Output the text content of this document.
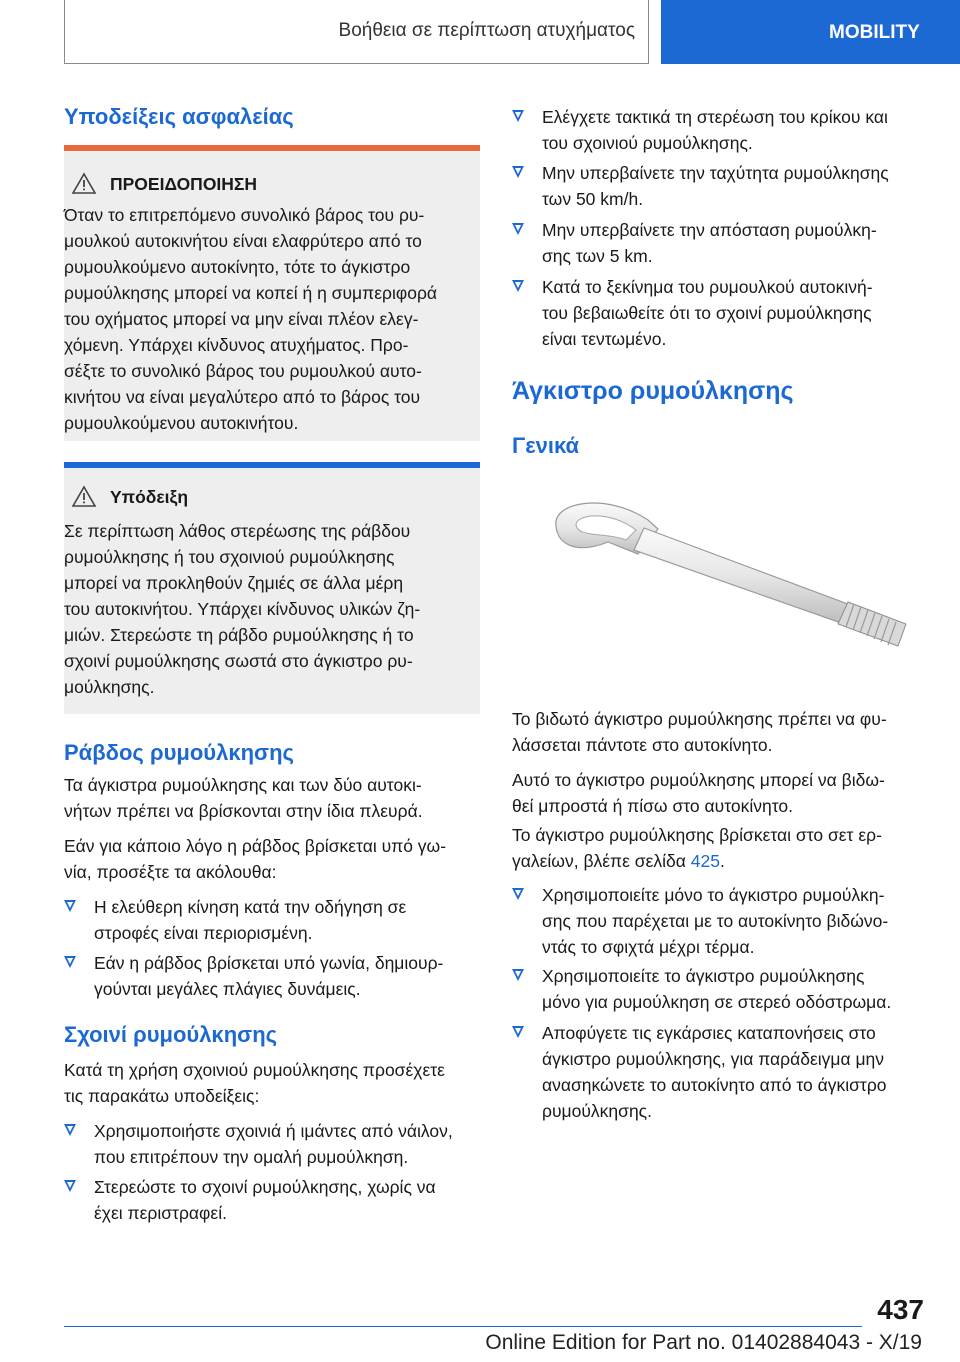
Βοήθεια σε περίπτωση ατυχήματος	MOBILITY
Υποδείξεις ασφαλείας
ΠΡΟΕΙΔΟΠΟΙΗΣΗ
Όταν το επιτρεπόμενο συνολικό βάρος του ρυ-
μουλκού αυτοκινήτου είναι ελαφρύτερο από το
ρυμουλκούμενο αυτοκίνητο, τότε το άγκιστρο
ρυμούλκησης μπορεί να κοπεί ή η συμπεριφορά
του οχήματος μπορεί να μην είναι πλέον ελεγ-
χόμενη. Υπάρχει κίνδυνος ατυχήματος. Προ-
σέξτε το συνολικό βάρος του ρυμουλκού αυτο-
κινήτου να είναι μεγαλύτερο από το βάρος του
ρυμουλκούμενου αυτοκινήτου.
Υπόδειξη
Σε περίπτωση λάθος στερέωσης της ράβδου
ρυμούλκησης ή του σχοινιού ρυμούλκησης
μπορεί να προκληθούν ζημιές σε άλλα μέρη
του αυτοκινήτου. Υπάρχει κίνδυνος υλικών ζη-
μιών. Στερεώστε τη ράβδο ρυμούλκησης ή το
σχοινί ρυμούλκησης σωστά στο άγκιστρο ρυ-
μούλκησης.
Ράβδος ρυμούλκησης
Τα άγκιστρα ρυμούλκησης και των δύο αυτοκι-
νήτων πρέπει να βρίσκονται στην ίδια πλευρά.
Εάν για κάποιο λόγο η ράβδος βρίσκεται υπό γω-
νία, προσέξτε τα ακόλουθα:
Η ελεύθερη κίνηση κατά την οδήγηση σε
στροφές είναι περιορισμένη.
Εάν η ράβδος βρίσκεται υπό γωνία, δημιουρ-
γούνται μεγάλες πλάγιες δυνάμεις.
Σχοινί ρυμούλκησης
Κατά τη χρήση σχοινιού ρυμούλκησης προσέχετε
τις παρακάτω υποδείξεις:
Χρησιμοποιήστε σχοινιά ή ιμάντες από νάιλον,
που επιτρέπουν την ομαλή ρυμούλκηση.
Στερεώστε το σχοινί ρυμούλκησης, χωρίς να
έχει περιστραφεί.
Ελέγχετε τακτικά τη στερέωση του κρίκου και
του σχοινιού ρυμούλκησης.
Μην υπερβαίνετε την ταχύτητα ρυμούλκησης
των 50 km/h.
Μην υπερβαίνετε την απόσταση ρυμούλκη-
σης των 5 km.
Κατά το ξεκίνημα του ρυμουλκού αυτοκινή-
του βεβαιωθείτε ότι το σχοινί ρυμούλκησης
είναι τεντωμένο.
Άγκιστρο ρυμούλκησης
Γενικά
Το βιδωτό άγκιστρο ρυμούλκησης πρέπει να φυ-
λάσσεται πάντοτε στο αυτοκίνητο.
Αυτό το άγκιστρο ρυμούλκησης μπορεί να βιδω-
θεί μπροστά ή πίσω στο αυτοκίνητο.
Το άγκιστρο ρυμούλκησης βρίσκεται στο σετ ερ-
γαλείων, βλέπε σελίδα 425.
Χρησιμοποιείτε μόνο το άγκιστρο ρυμούλκη-
σης που παρέχεται με το αυτοκίνητο βιδώνο-
ντάς το σφιχτά μέχρι τέρμα.
Χρησιμοποιείτε το άγκιστρο ρυμούλκησης
μόνο για ρυμούλκηση σε στερεό οδόστρωμα.
Αποφύγετε τις εγκάρσιες καταπονήσεις στο
άγκιστρο ρυμούλκησης, για παράδειγμα μην
ανασηκώνετε το αυτοκίνητο από το άγκιστρο
ρυμούλκησης.
437
Online Edition for Part no. 01402884043 - X/19
